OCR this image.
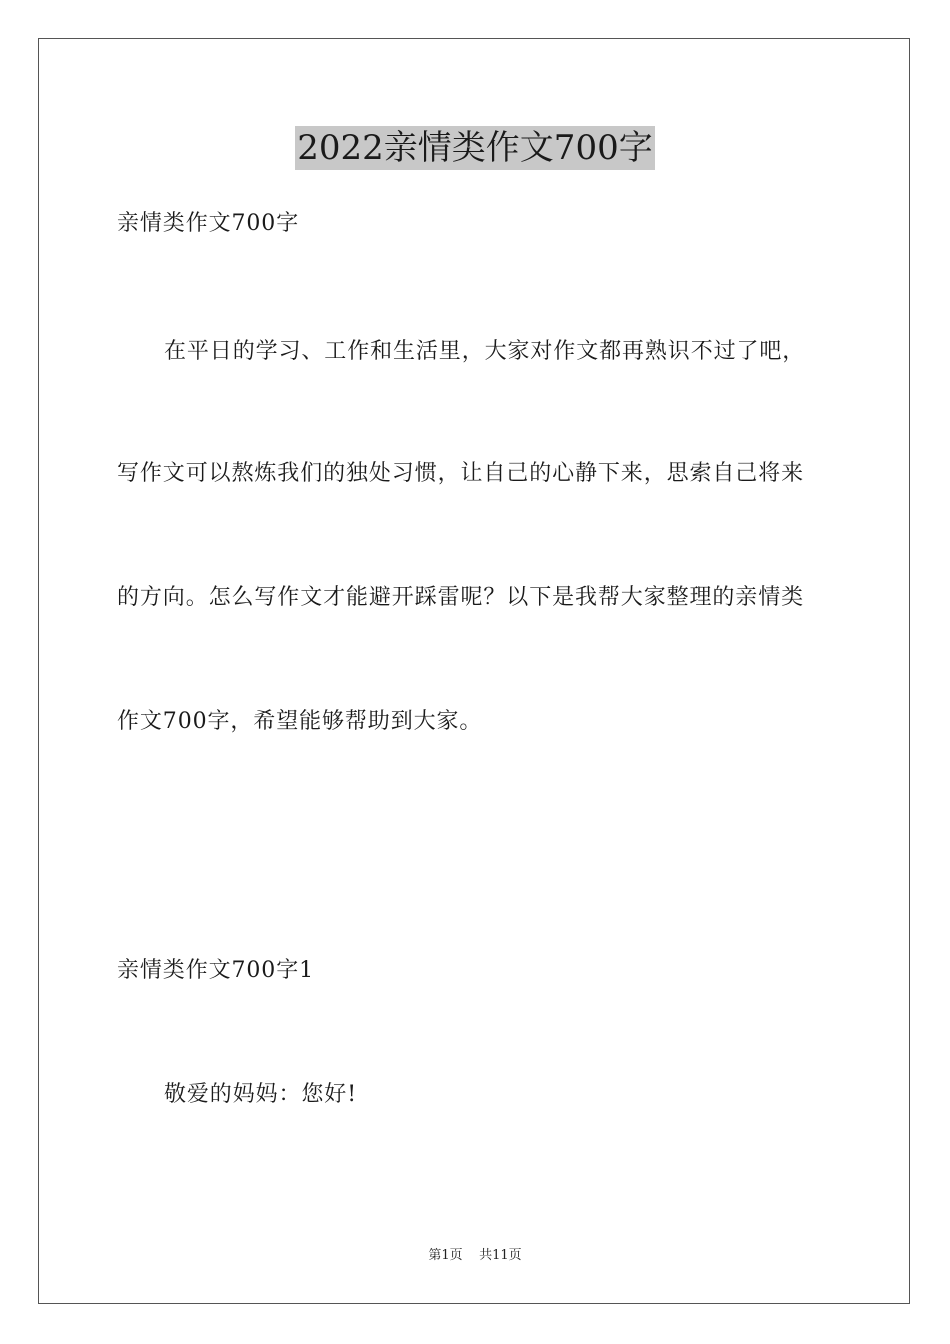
2022亲情类作文700字
亲情类作文700字
在平日的学习、工作和生活里，大家对作文都再熟识不过了吧，
写作文可以熬炼我们的独处习惯，让自己的心静下来，思索自己将来
的方向。怎么写作文才能避开踩雷呢？以下是我帮大家整理的亲情类
作文700字，希望能够帮助到大家。
亲情类作文700字1
敬爱的妈妈：您好!
第1页    共11页
